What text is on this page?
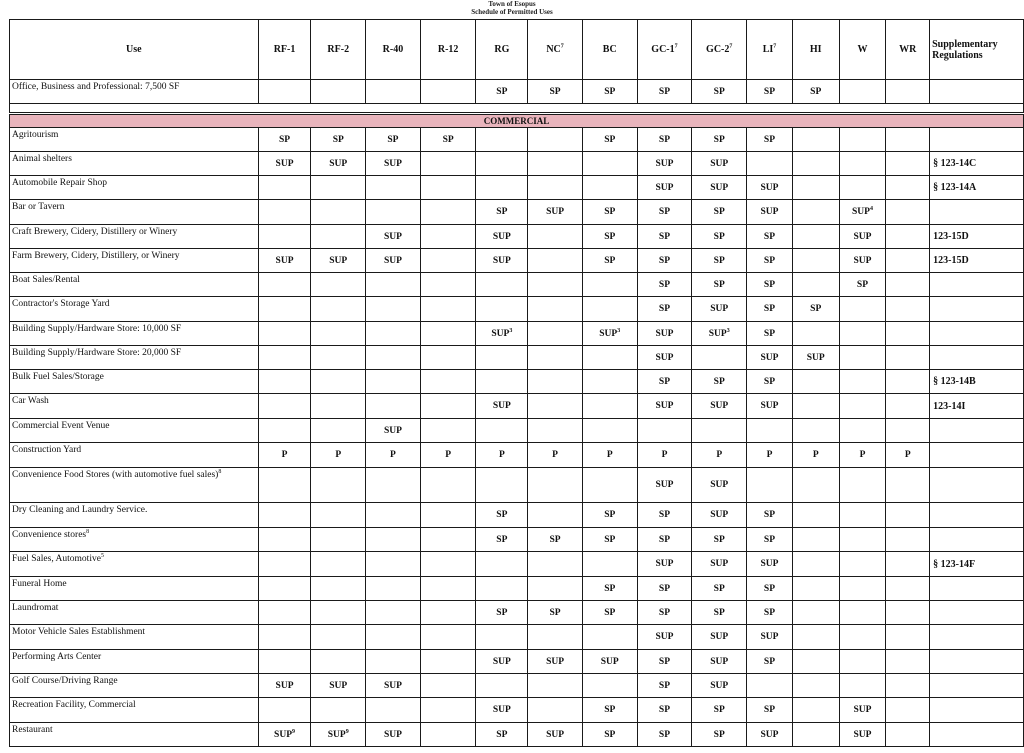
Town of Esopus
Schedule of Permitted Uses
Use	RF-1	RF-2	R-40	R-12	RG	$NC^7$	BC	$GC-1^7$	$GC-2^7$	$LI^7$	HI	W	WR	Supplementary Regulations
Office, Business and Professional: 7,500 SF					SP	SP	SP	SP	SP	SP	SP			

COMMERCIAL														
Agritourism	SP	SP	SP	SP			SP	SP	SP	SP				
Animal shelters	SUP	SUP	SUP					SUP	SUP					§ 123-14C
Automobile Repair Shop								SUP	SUP	SUP				§ 123-14A
Bar or Tavern					SP	SUP	SP	SP	SP	SUP		SUP$^4$		
Craft Brewery, Cidery, Distillery or Winery			SUP		SUP		SP	SP	SP	SP		SUP		123-15D
Farm Brewery, Cidery, Distillery, or Winery	SUP	SUP	SUP		SUP		SP	SP	SP	SP		SUP		123-15D
Boat Sales/Rental								SP	SP	SP		SP		
Contractor's Storage Yard								SP	SUP	SP	SP			
Building Supply/Hardware Store: 10,000 SF					SUP$^3$		SUP$^3$	SUP	SUP$^3$	SP				
Building Supply/Hardware Store: 20,000 SF								SUP		SUP	SUP			
Bulk Fuel Sales/Storage								SP	SP	SP				§ 123-14B
Car Wash					SUP			SUP	SUP	SUP				123-14I
Commercial Event Venue			SUP											
Construction Yard	P	P	P	P	P	P	P	P	P	P	P	P	P	
Convenience Food Stores (with automotive fuel sales)$^8$								SUP	SUP					
Dry Cleaning and Laundry Service.					SP		SP	SP	SUP	SP				
Convenience stores$^8$					SP	SP	SP	SP	SP	SP				
Fuel Sales, Automotive$^5$								SUP	SUP	SUP				§ 123-14F
Funeral Home							SP	SP	SP	SP				
Laundromat					SP	SP	SP	SP	SP	SP				
Motor Vehicle Sales Establishment								SUP	SUP	SUP				
Performing Arts Center					SUP	SUP	SUP	SP	SUP	SP				
Golf Course/Driving Range	SUP	SUP	SUP					SP	SUP					
Recreation Facility, Commercial					SUP		SP	SP	SP	SP		SUP		
Restaurant	SUP$^9$	SUP$^9$	SUP		SP	SUP	SP	SP	SP	SUP		SUP		
